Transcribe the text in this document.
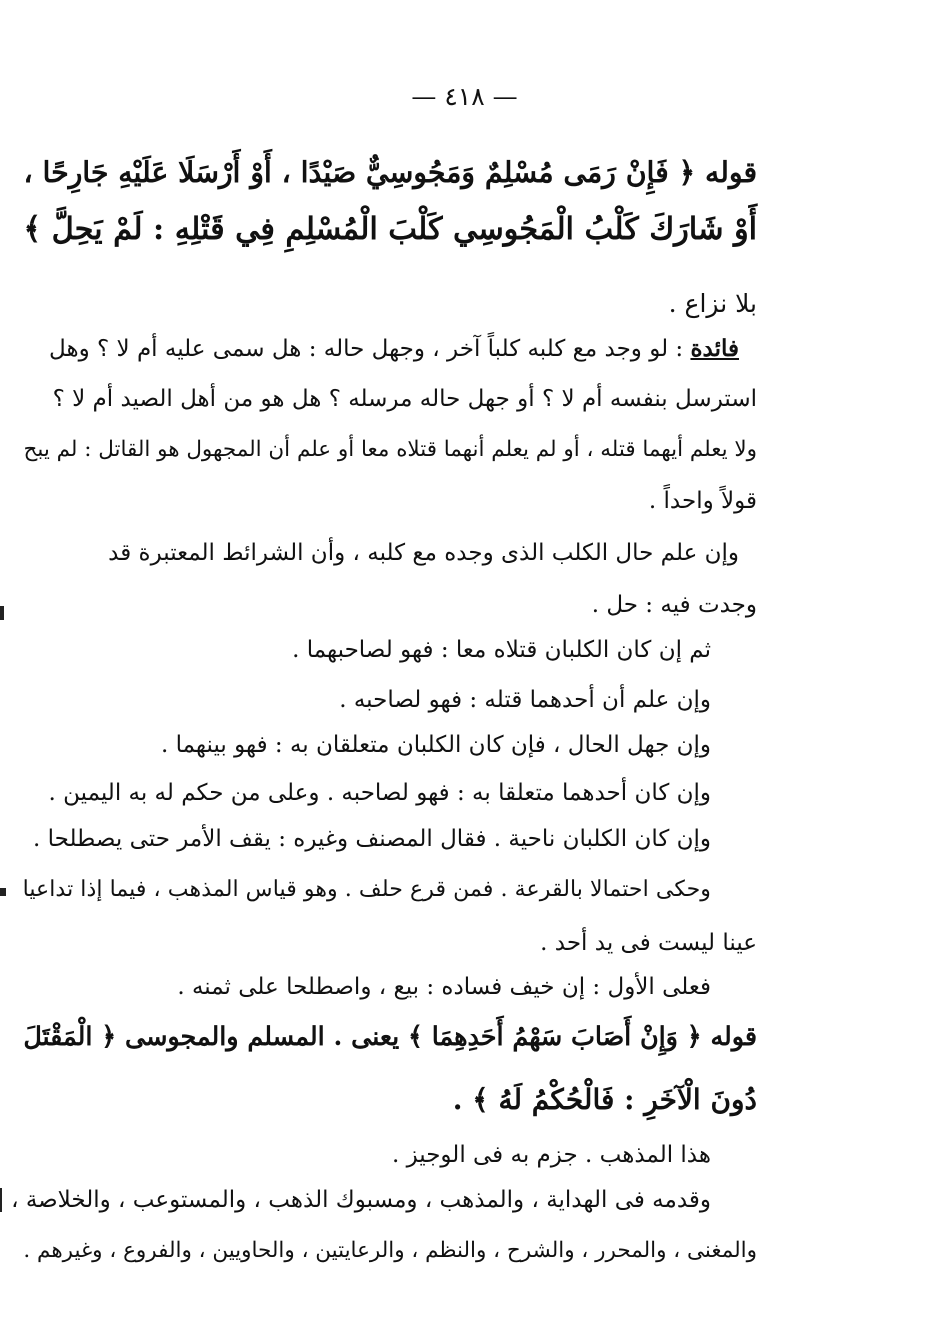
— ٤١٨ —
قوله ﴿ فَإِنْ رَمَى مُسْلِمٌ وَمَجُوسِيٌّ صَيْدًا ، أَوْ أَرْسَلَا عَلَيْهِ جَارِحًا ،
أَوْ شَارَكَ كَلْبُ الْمَجُوسِي كَلْبَ الْمُسْلِمِ فِي قَتْلِهِ : لَمْ يَحِلَّ ﴾
بلا نزاع .
فائدة : لو وجد مع كلبه كلباً آخر ، وجهل حاله : هل سمى عليه أم لا ؟ وهل
استرسل بنفسه أم لا ؟ أو جهل حاله مرسله ؟ هل هو من أهل الصيد أم لا ؟
ولا يعلم أيهما قتله ، أو لم يعلم أنهما قتلاه معا أو علم أن المجهول هو القاتل : لم يبح
قولاً واحداً .
وإن علم حال الكلب الذى وجده مع كلبه ، وأن الشرائط المعتبرة قد
وجدت فيه : حل .
ثم إن كان الكلبان قتلاه معا : فهو لصاحبهما .
وإن علم أن أحدهما قتله : فهو لصاحبه .
وإن جهل الحال ، فإن كان الكلبان متعلقان به : فهو بينهما .
وإن كان أحدهما متعلقا به : فهو لصاحبه . وعلى من حكم له به اليمين .
وإن كان الكلبان ناحية . فقال المصنف وغيره : يقف الأمر حتى يصطلحا .
وحكى احتمالا بالقرعة . فمن قرع حلف . وهو قياس المذهب ، فيما إذا تداعيا
عينا ليست فى يد أحد .
فعلى الأول : إن خيف فساده : بيع ، واصطلحا على ثمنه .
قوله ﴿ وَإِنْ أَصَابَ سَهْمُ أَحَدِهِمَا ﴾ يعنى . المسلم والمجوسى ﴿ الْمَقْتَلَ
دُونَ الْآخَرِ : فَالْحُكْمُ لَهُ ﴾ .
هذا المذهب . جزم به فى الوجيز .
وقدمه فى الهداية ، والمذهب ، ومسبوك الذهب ، والمستوعب ، والخلاصة ،
والمغنى ، والمحرر ، والشرح ، والنظم ، والرعايتين ، والحاويين ، والفروع ، وغيرهم .
